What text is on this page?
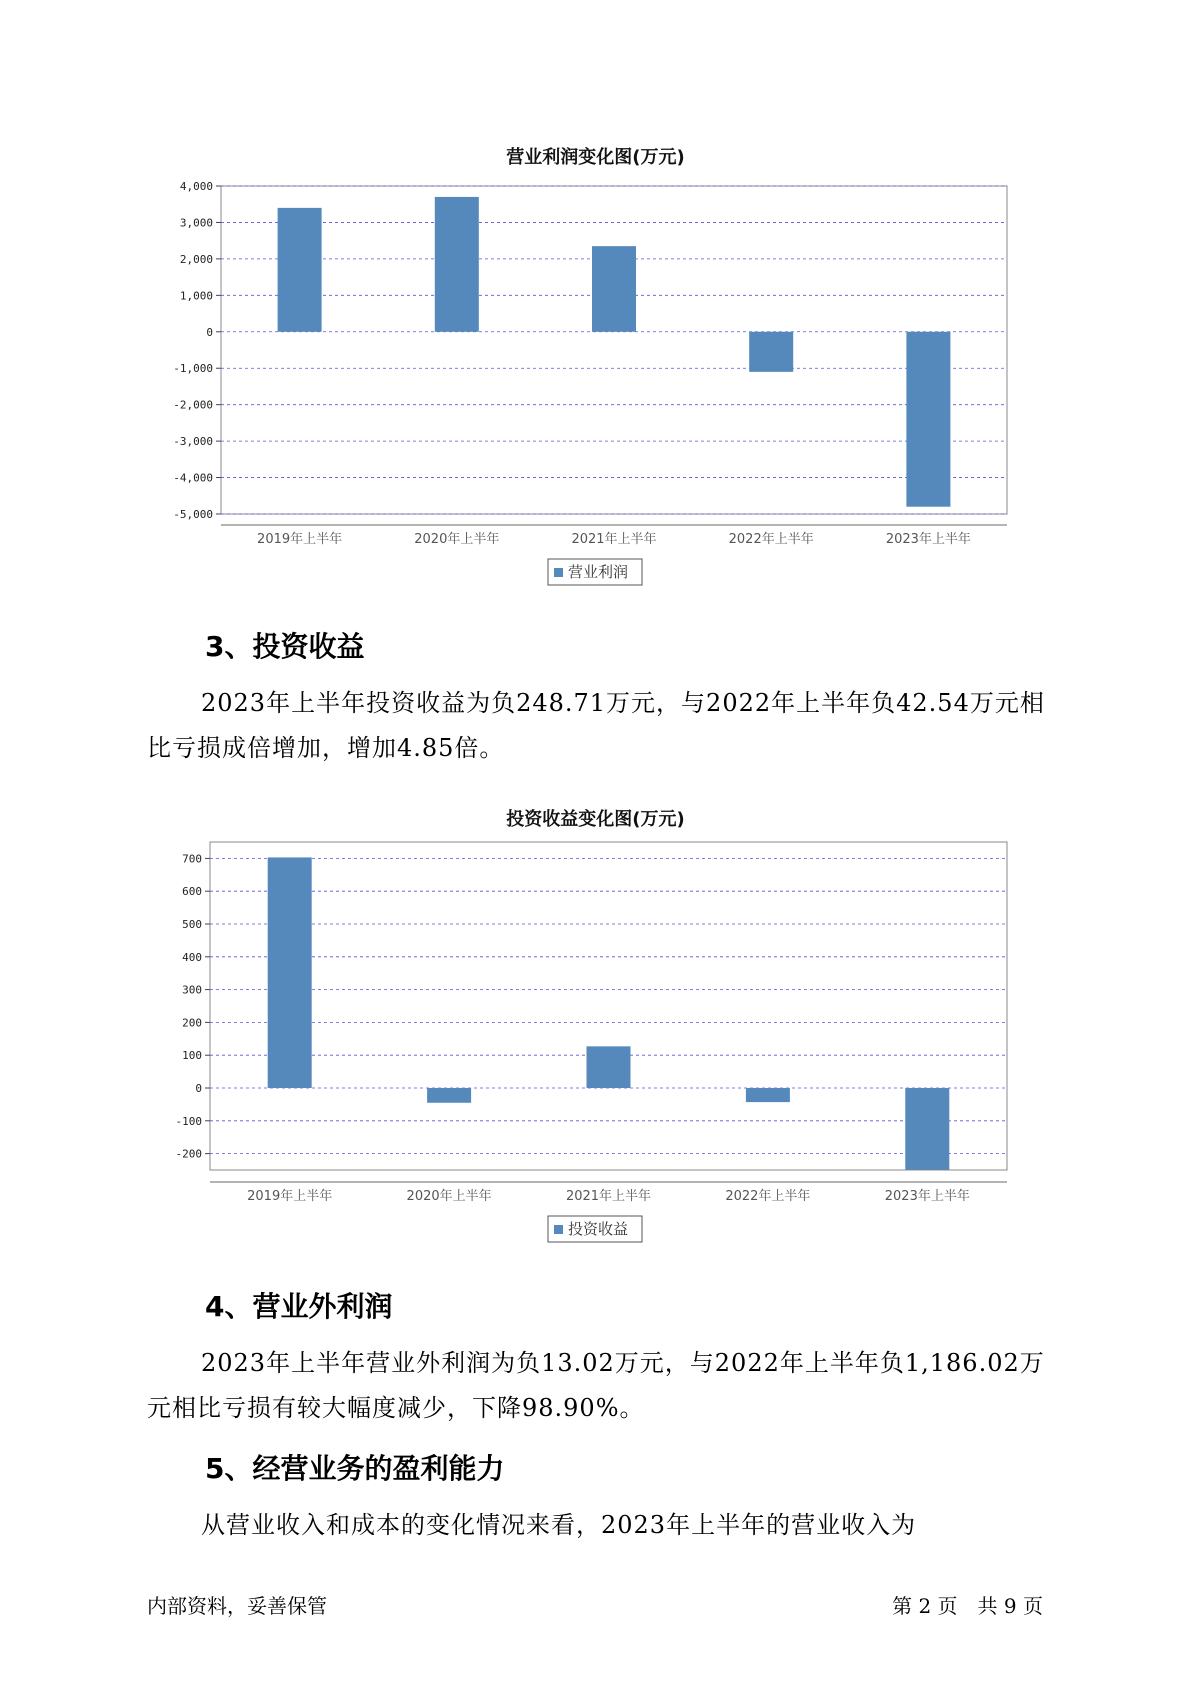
营业利润变化图(万元)
4,000
3,000
2,000
1,000
0
-1,000
-2,000
-3,000
-4,000
-5,000
2019年上半年	2020年上半年	2021年上半年	2022年上半年	2023年上半年
营业利润
3、投资收益

2023年上半年投资收益为负248.71万元，与2022年上半年负42.54万元相比亏损成倍增加，增加4.85倍。

投资收益变化图(万元)
700
600
500
400
300
200
100
0
-100
-200
2019年上半年	2020年上半年	2021年上半年	2022年上半年	2023年上半年
投资收益
4、营业外利润

2023年上半年营业外利润为负13.02万元，与2022年上半年负1,186.02万元相比亏损有较大幅度减少，下降98.90%。

5、经营业务的盈利能力

从营业收入和成本的变化情况来看，2023年上半年的营业收入为

内部资料，妥善保管	第 2 页　共 9 页
